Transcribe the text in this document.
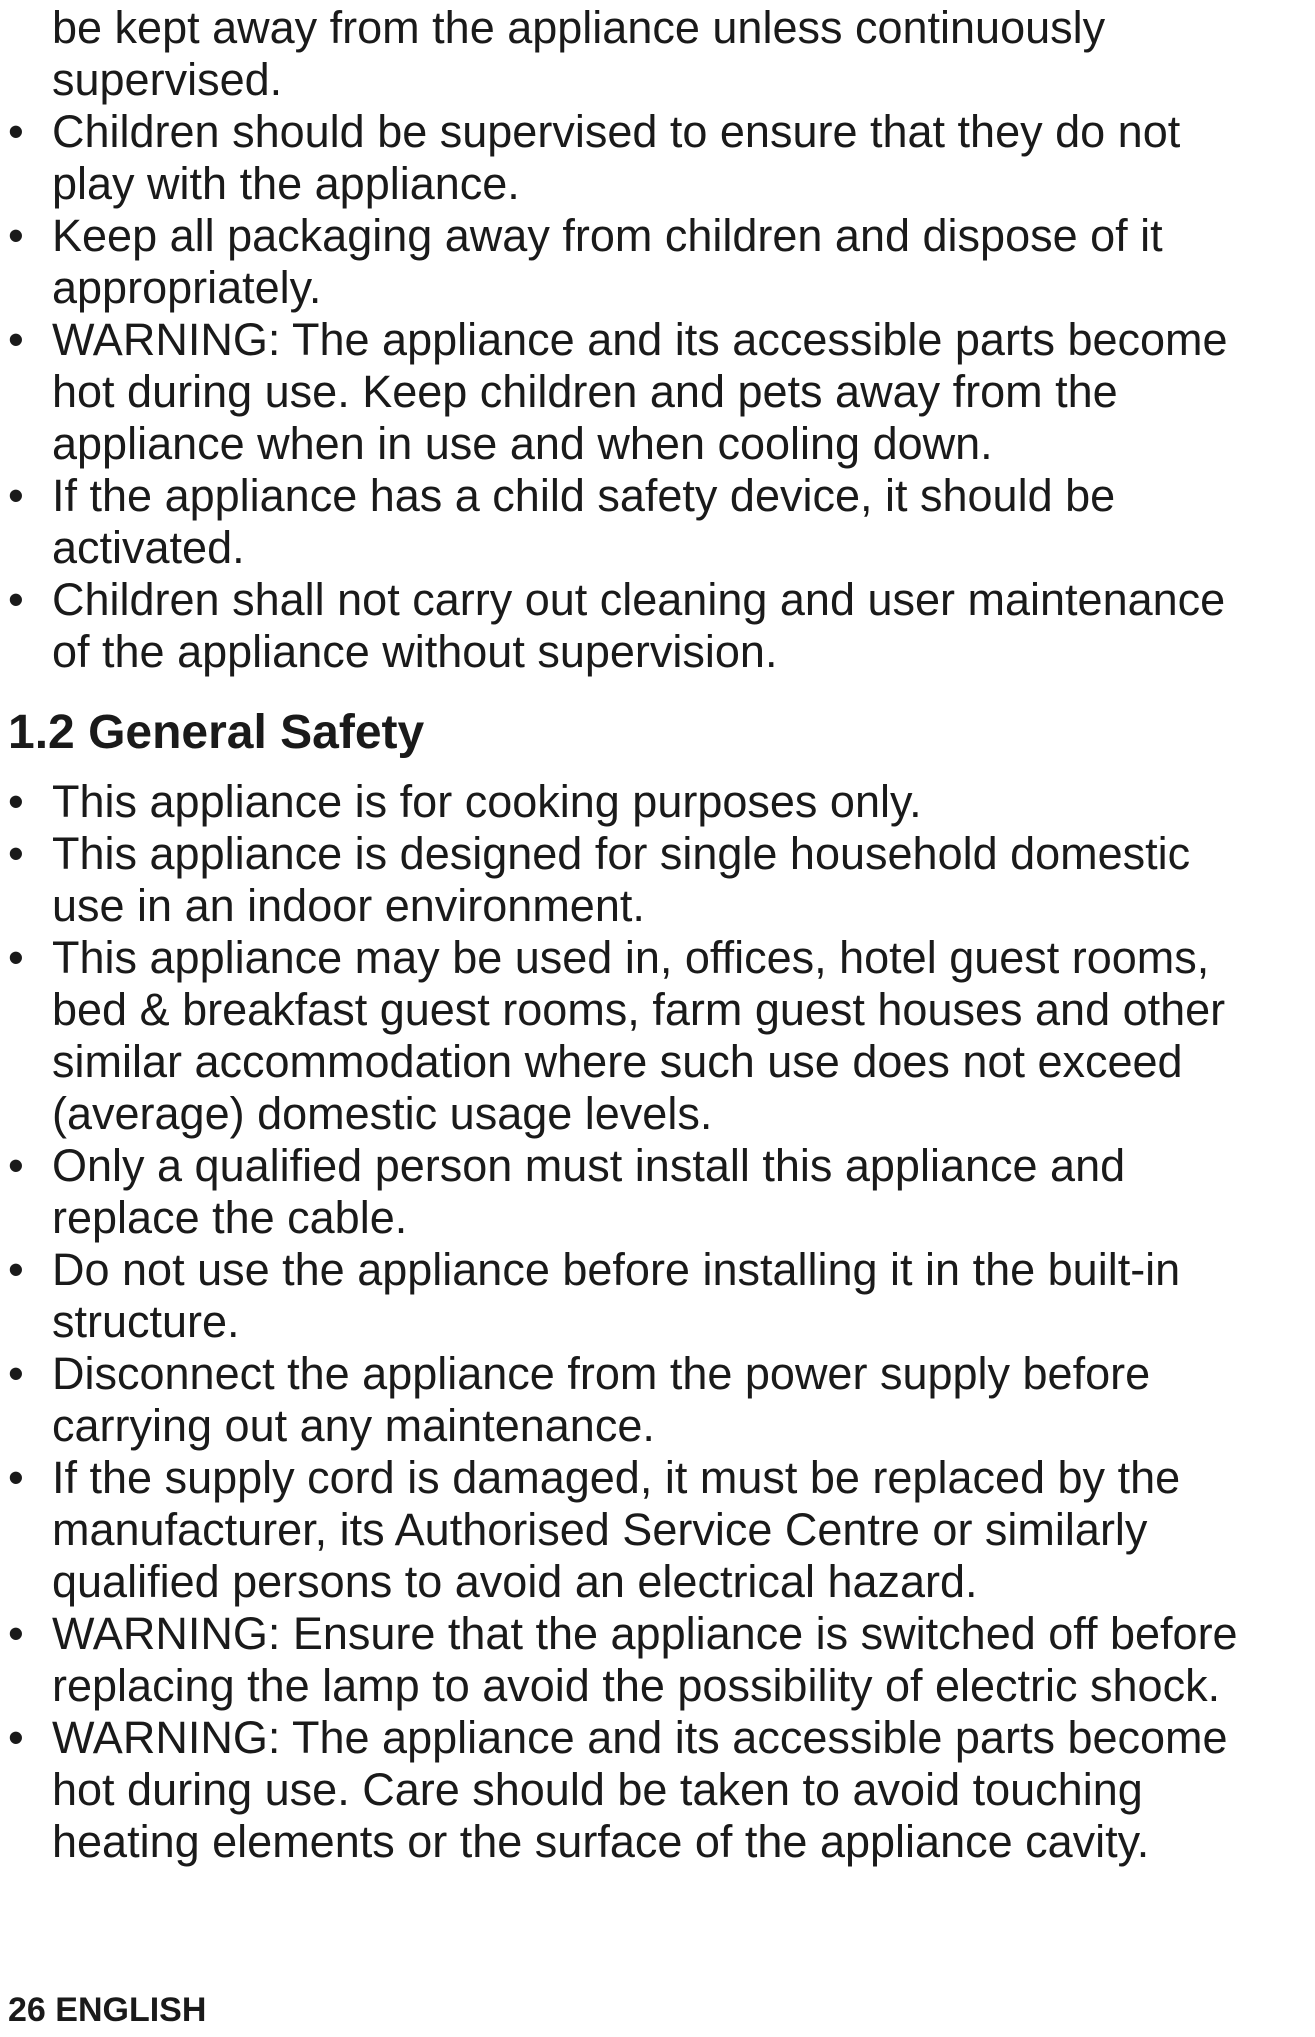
be kept away from the appliance unless continuously supervised.
• Children should be supervised to ensure that they do not play with the appliance.
• Keep all packaging away from children and dispose of it appropriately.
• WARNING: The appliance and its accessible parts become hot during use. Keep children and pets away from the appliance when in use and when cooling down.
• If the appliance has a child safety device, it should be activated.
• Children shall not carry out cleaning and user maintenance of the appliance without supervision.
1.2 General Safety
• This appliance is for cooking purposes only.
• This appliance is designed for single household domestic use in an indoor environment.
• This appliance may be used in, offices, hotel guest rooms, bed & breakfast guest rooms, farm guest houses and other similar accommodation where such use does not exceed (average) domestic usage levels.
• Only a qualified person must install this appliance and replace the cable.
• Do not use the appliance before installing it in the built-in structure.
• Disconnect the appliance from the power supply before carrying out any maintenance.
• If the supply cord is damaged, it must be replaced by the manufacturer, its Authorised Service Centre or similarly qualified persons to avoid an electrical hazard.
• WARNING: Ensure that the appliance is switched off before replacing the lamp to avoid the possibility of electric shock.
• WARNING: The appliance and its accessible parts become hot during use. Care should be taken to avoid touching heating elements or the surface of the appliance cavity.
26 ENGLISH
